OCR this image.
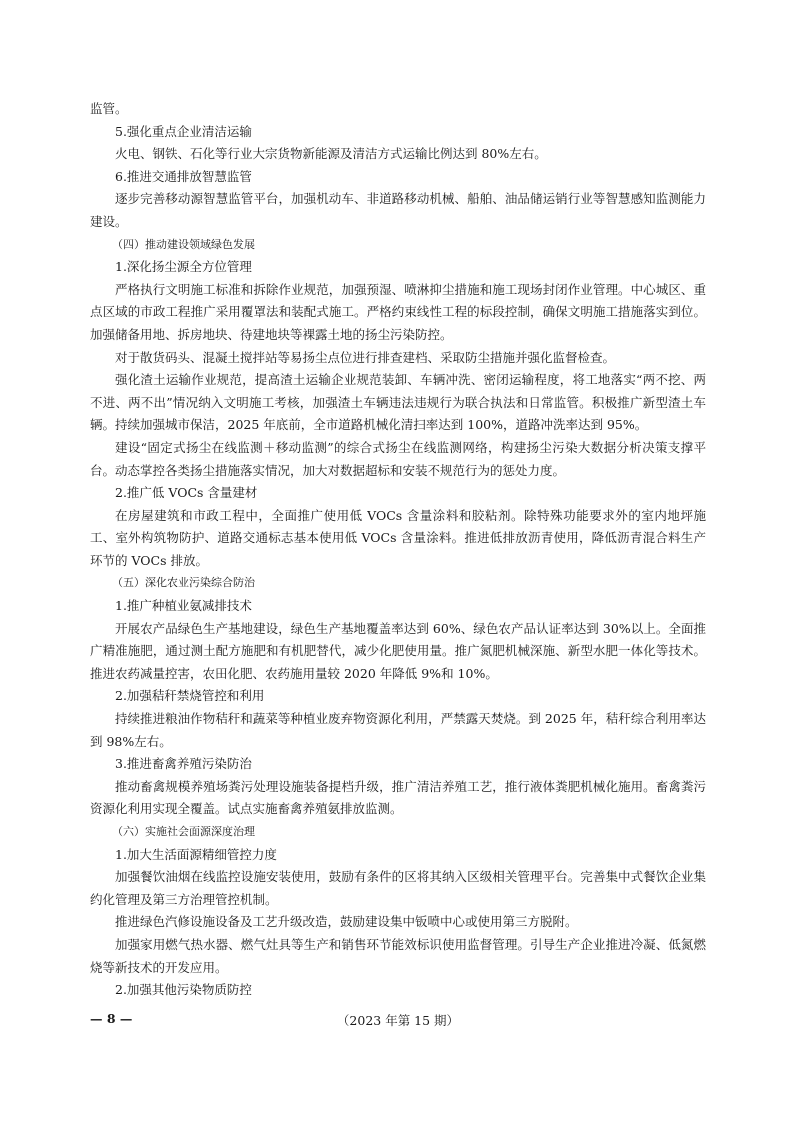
监管。

5.强化重点企业清洁运输

火电、钢铁、石化等行业大宗货物新能源及清洁方式运输比例达到 80%左右。

6.推进交通排放智慧监管

逐步完善移动源智慧监管平台，加强机动车、非道路移动机械、船舶、油品储运销行业等智慧感知监测能力建设。

（四）推动建设领域绿色发展

1.深化扬尘源全方位管理

严格执行文明施工标准和拆除作业规范，加强预湿、喷淋抑尘措施和施工现场封闭作业管理。中心城区、重点区域的市政工程推广采用覆罩法和装配式施工。严格约束线性工程的标段控制，确保文明施工措施落实到位。加强储备用地、拆房地块、待建地块等裸露土地的扬尘污染防控。

对于散货码头、混凝土搅拌站等易扬尘点位进行排查建档、采取防尘措施并强化监督检查。

强化渣土运输作业规范，提高渣土运输企业规范装卸、车辆冲洗、密闭运输程度，将工地落实“两不挖、两不进、两不出”情况纳入文明施工考核，加强渣土车辆违法违规行为联合执法和日常监管。积极推广新型渣土车辆。持续加强城市保洁，2025 年底前，全市道路机械化清扫率达到 100%，道路冲洗率达到 95%。

建设“固定式扬尘在线监测＋移动监测”的综合式扬尘在线监测网络，构建扬尘污染大数据分析决策支撑平台。动态掌控各类扬尘措施落实情况，加大对数据超标和安装不规范行为的惩处力度。

2.推广低 VOCs 含量建材

在房屋建筑和市政工程中，全面推广使用低 VOCs 含量涂料和胶粘剂。除特殊功能要求外的室内地坪施工、室外构筑物防护、道路交通标志基本使用低 VOCs 含量涂料。推进低排放沥青使用，降低沥青混合料生产环节的 VOCs 排放。

（五）深化农业污染综合防治

1.推广种植业氨减排技术

开展农产品绿色生产基地建设，绿色生产基地覆盖率达到 60%、绿色农产品认证率达到 30%以上。全面推广精准施肥，通过测土配方施肥和有机肥替代，减少化肥使用量。推广氮肥机械深施、新型水肥一体化等技术。推进农药减量控害，农田化肥、农药施用量较 2020 年降低 9%和 10%。

2.加强秸秆禁烧管控和利用

持续推进粮油作物秸秆和蔬菜等种植业废弃物资源化利用，严禁露天焚烧。到 2025 年，秸秆综合利用率达到 98%左右。

3.推进畜禽养殖污染防治

推动畜禽规模养殖场粪污处理设施装备提档升级，推广清洁养殖工艺，推行液体粪肥机械化施用。畜禽粪污资源化利用实现全覆盖。试点实施畜禽养殖氨排放监测。

（六）实施社会面源深度治理

1.加大生活面源精细管控力度

加强餐饮油烟在线监控设施安装使用，鼓励有条件的区将其纳入区级相关管理平台。完善集中式餐饮企业集约化管理及第三方治理管控机制。

推进绿色汽修设施设备及工艺升级改造，鼓励建设集中钣喷中心或使用第三方脱附。

加强家用燃气热水器、燃气灶具等生产和销售环节能效标识使用监督管理。引导生产企业推进冷凝、低氮燃烧等新技术的开发应用。

2.加强其他污染物质防控

— 8 —	（2023 年第 15 期）
